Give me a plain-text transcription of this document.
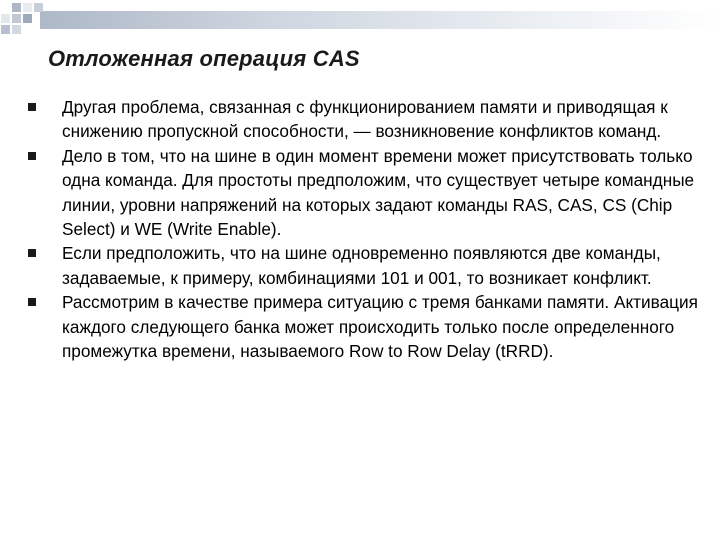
Отложенная операция CAS
Другая проблема, связанная с функционированием памяти и приводящая к снижению пропускной способности, — возникновение конфликтов команд.
Дело в том, что на шине в один момент времени может присутствовать только одна команда. Для простоты предположим, что существует четыре командные линии, уровни напряжений на которых задают команды RAS, CAS, CS (Chip Select) и WE (Write Enable).
Если предположить, что на шине одновременно появляются две команды, задаваемые, к примеру, комбинациями 101 и 001, то возникает конфликт.
Рассмотрим в качестве примера ситуацию с тремя банками памяти. Активация каждого следующего банка может происходить только после определенного промежутка времени, называемого Row to Row Delay (tRRD).
